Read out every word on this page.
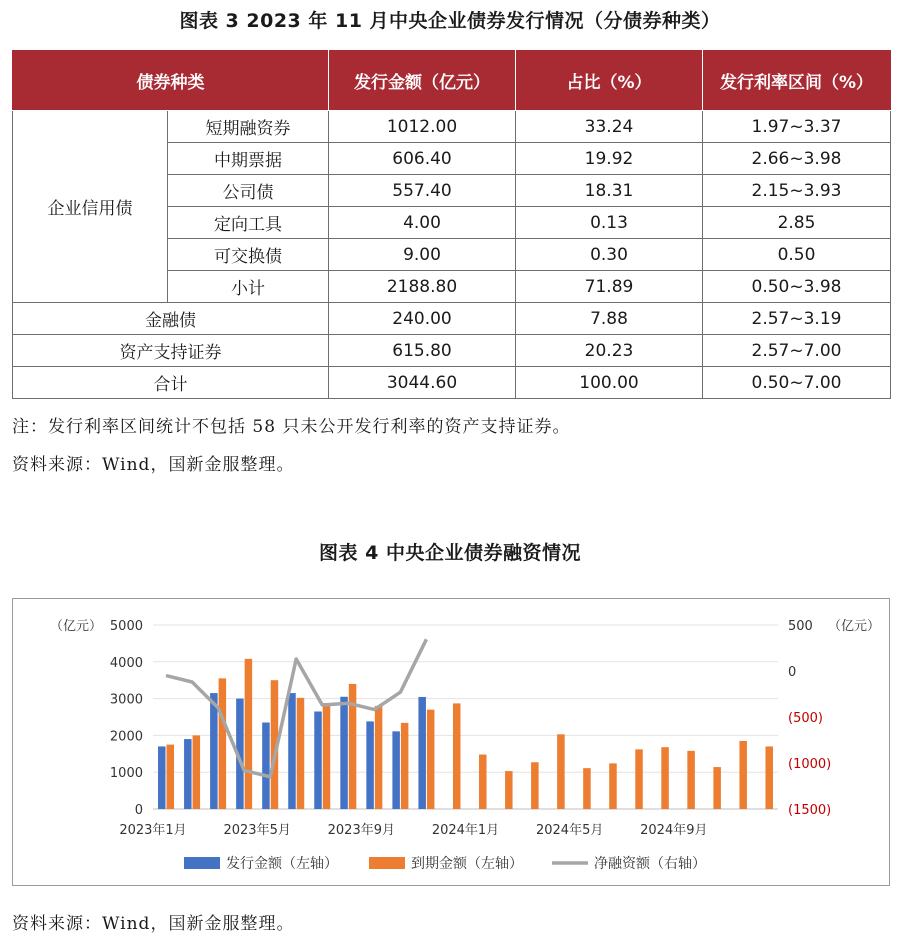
图表 3 2023 年 11 月中央企业债券发行情况（分债券种类）
债券种类		发行金额（亿元）	占比（%）	发行利率区间（%）
企业信用债	短期融资券	1012.00	33.24	1.97~3.37
	中期票据	606.40	19.92	2.66~3.98
	公司债	557.40	18.31	2.15~3.93
	定向工具	4.00	0.13	2.85
	可交换债	9.00	0.30	0.50
	小计	2188.80	71.89	0.50~3.98
金融债		240.00	7.88	2.57~3.19
资产支持证券		615.80	20.23	2.57~7.00
合计		3044.60	100.00	0.50~7.00
注：发行利率区间统计不包括 58 只未公开发行利率的资产支持证券。
资料来源：Wind，国新金服整理。
图表 4 中央企业债券融资情况
0
1000
2000
3000
4000
5000
（亿元）
(1500)
(1000)
(500)
0
500 （亿元）
2023年1月	2023年5月	2023年9月	2024年1月	2024年5月	2024年9月
发行金额（左轴）	到期金额（左轴）	净融资额（右轴）
资料来源：Wind，国新金服整理。
